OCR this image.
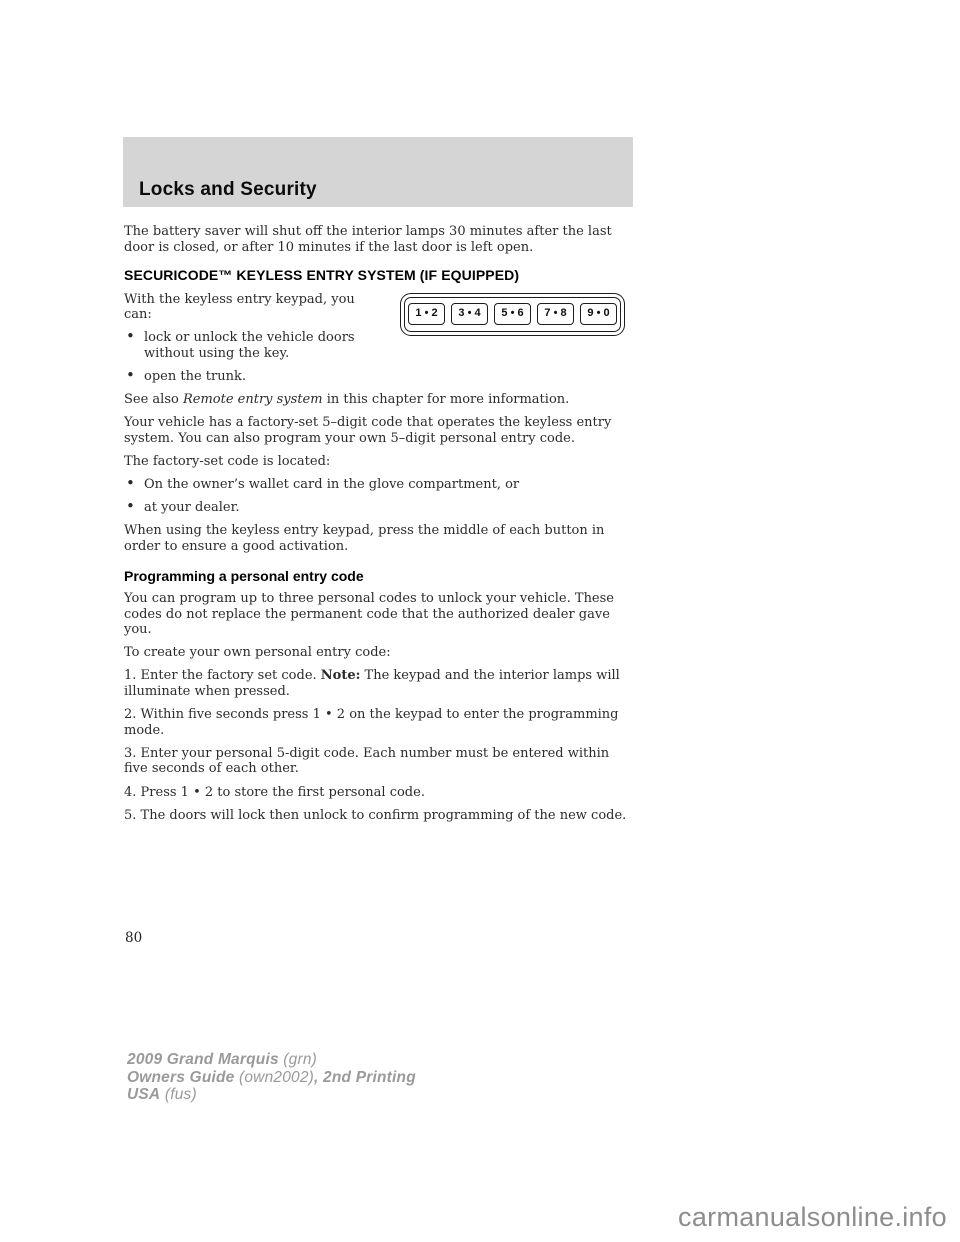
Locks and Security

The battery saver will shut off the interior lamps 30 minutes after the last door is closed, or after 10 minutes if the last door is left open.

SECURICODE™ KEYLESS ENTRY SYSTEM (IF EQUIPPED)

With the keyless entry keypad, you can:

• lock or unlock the vehicle doors without using the key.
• open the trunk.
1 • 2	3 • 4	5 • 6	7 • 8	9 • 0

See also Remote entry system in this chapter for more information.

Your vehicle has a factory-set 5–digit code that operates the keyless entry system. You can also program your own 5–digit personal entry code.

The factory-set code is located:

• On the owner’s wallet card in the glove compartment, or
• at your dealer.

When using the keyless entry keypad, press the middle of each button in order to ensure a good activation.

Programming a personal entry code

You can program up to three personal codes to unlock your vehicle. These codes do not replace the permanent code that the authorized dealer gave you.

To create your own personal entry code:

1. Enter the factory set code. Note: The keypad and the interior lamps will illuminate when pressed.

2. Within five seconds press 1 • 2 on the keypad to enter the programming mode.

3. Enter your personal 5-digit code. Each number must be entered within five seconds of each other.

4. Press 1 • 2 to store the first personal code.

5. The doors will lock then unlock to confirm programming of the new code.

80
2009 Grand Marquis (grn)
Owners Guide (own2002), 2nd Printing
USA (fus)
carmanualsonline.info
